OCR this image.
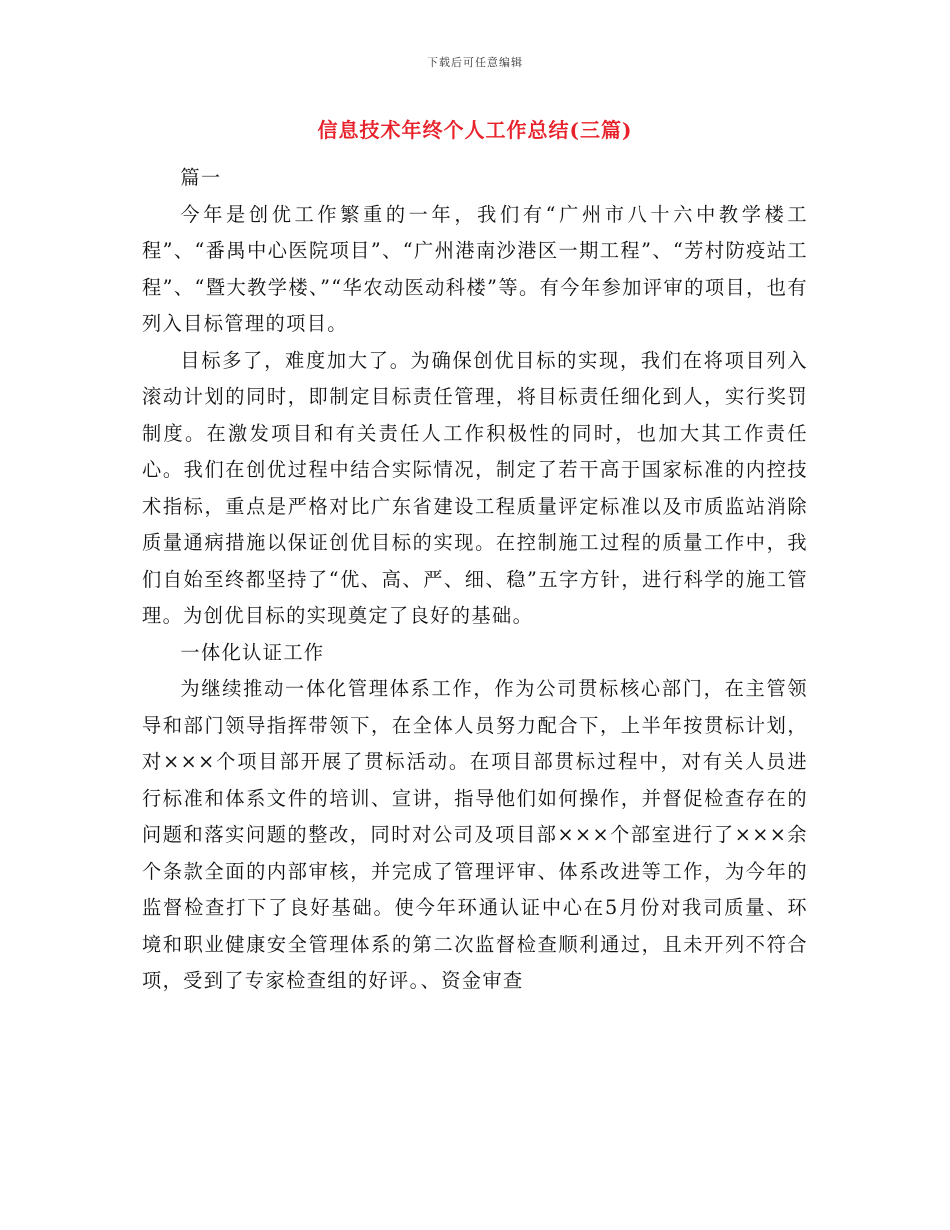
下载后可任意编辑
信息技术年终个人工作总结(三篇)

篇一

今年是创优工作繁重的一年，我们有“广州市八十六中教学楼工程”、“番禺中心医院项目”、“广州港南沙港区一期工程”、“芳村防疫站工程”、“暨大教学楼、”“华农动医动科楼”等。有今年参加评审的项目，也有列入目标管理的项目。

目标多了，难度加大了。为确保创优目标的实现，我们在将项目列入滚动计划的同时，即制定目标责任管理，将目标责任细化到人，实行奖罚制度。在激发项目和有关责任人工作积极性的同时，也加大其工作责任心。我们在创优过程中结合实际情况，制定了若干高于国家标准的内控技术指标，重点是严格对比广东省建设工程质量评定标准以及市质监站消除质量通病措施以保证创优目标的实现。在控制施工过程的质量工作中，我们自始至终都坚持了“优、高、严、细、稳”五字方针，进行科学的施工管理。为创优目标的实现奠定了良好的基础。

一体化认证工作

为继续推动一体化管理体系工作，作为公司贯标核心部门，在主管领导和部门领导指挥带领下，在全体人员努力配合下，上半年按贯标计划，对×××个项目部开展了贯标活动。在项目部贯标过程中，对有关人员进行标准和体系文件的培训、宣讲，指导他们如何操作，并督促检查存在的问题和落实问题的整改，同时对公司及项目部×××个部室进行了×××余个条款全面的内部审核，并完成了管理评审、体系改进等工作，为今年的监督检查打下了良好基础。使今年环通认证中心在5月份对我司质量、环境和职业健康安全管理体系的第二次监督检查顺利通过，且未开列不符合项，受到了专家检查组的好评。、资金审查
